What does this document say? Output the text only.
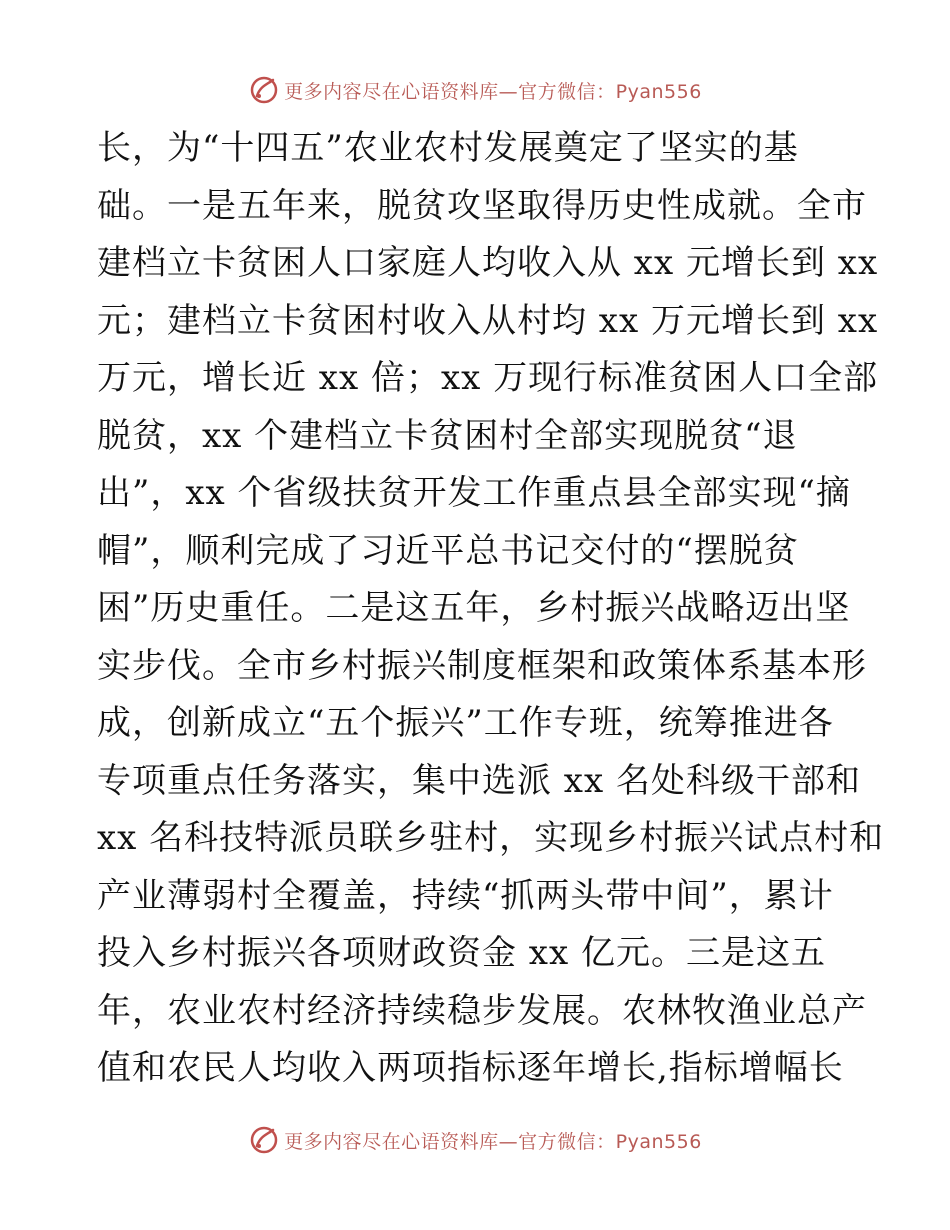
更多内容尽在心语资料库—官方微信：Pyan556
长，为“十四五”农业农村发展奠定了坚实的基
础。一是五年来，脱贫攻坚取得历史性成就。全市
建档立卡贫困人口家庭人均收入从 xx 元增长到 xx
元；建档立卡贫困村收入从村均 xx 万元增长到 xx
万元，增长近 xx 倍；xx 万现行标准贫困人口全部
脱贫，xx 个建档立卡贫困村全部实现脱贫“退
出”，xx 个省级扶贫开发工作重点县全部实现“摘
帽”，顺利完成了习近平总书记交付的“摆脱贫
困”历史重任。二是这五年，乡村振兴战略迈出坚
实步伐。全市乡村振兴制度框架和政策体系基本形
成，创新成立“五个振兴”工作专班，统筹推进各
专项重点任务落实，集中选派 xx 名处科级干部和
xx 名科技特派员联乡驻村，实现乡村振兴试点村和
产业薄弱村全覆盖，持续“抓两头带中间”，累计
投入乡村振兴各项财政资金 xx 亿元。三是这五
年，农业农村经济持续稳步发展。农林牧渔业总产
值和农民人均收入两项指标逐年增长,指标增幅长
更多内容尽在心语资料库—官方微信：Pyan556
